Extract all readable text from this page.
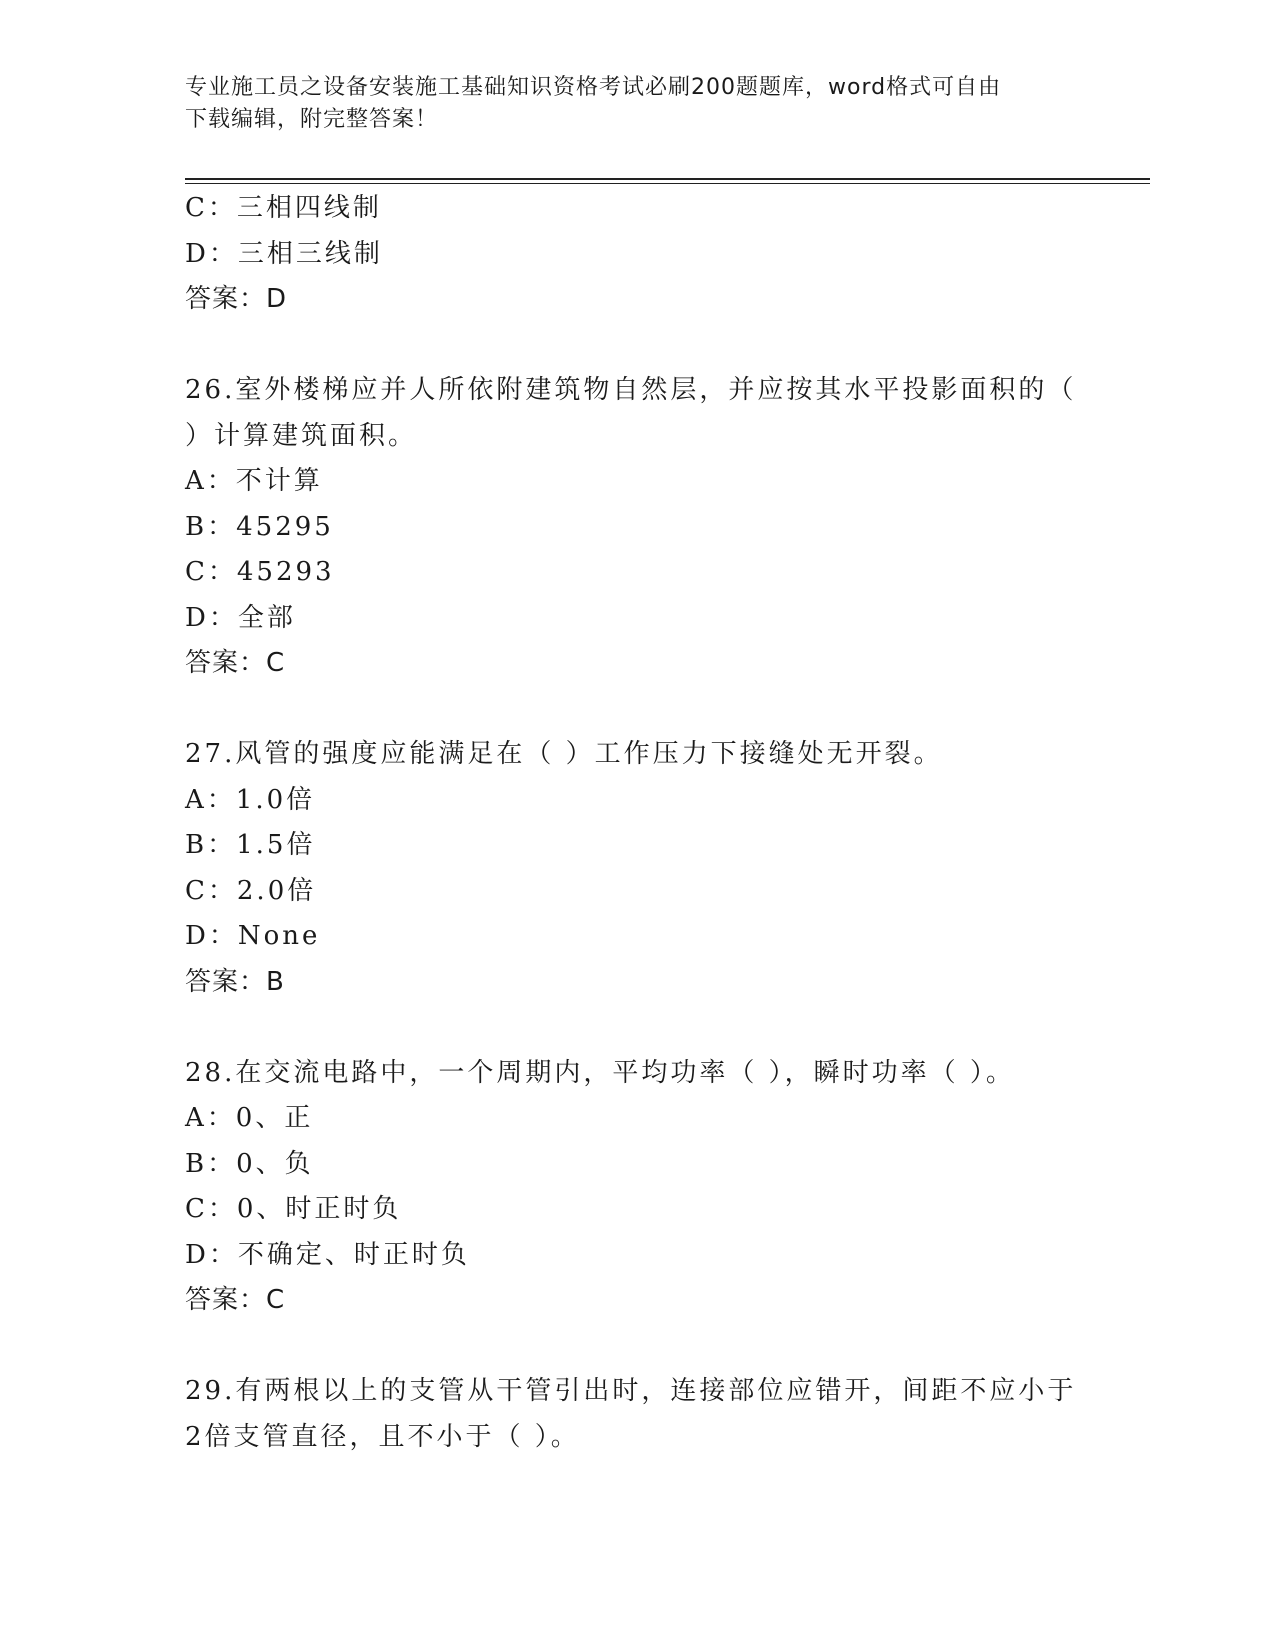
专业施工员之设备安装施工基础知识资格考试必刷200题题库，word格式可自由
下载编辑，附完整答案！
C：三相四线制
D：三相三线制
答案：D
26.室外楼梯应并人所依附建筑物自然层，并应按其水平投影面积的（
）计算建筑面积。
A：不计算
B：45295
C：45293
D：全部
答案：C
27.风管的强度应能满足在（ ）工作压力下接缝处无开裂。
A：1.0倍
B：1.5倍
C：2.0倍
D：None
答案：B
28.在交流电路中，一个周期内，平均功率（ ），瞬时功率（ ）。
A：0、正
B：0、负
C：0、时正时负
D：不确定、时正时负
答案：C
29.有两根以上的支管从干管引出时，连接部位应错开，间距不应小于
2倍支管直径，且不小于（ ）。
